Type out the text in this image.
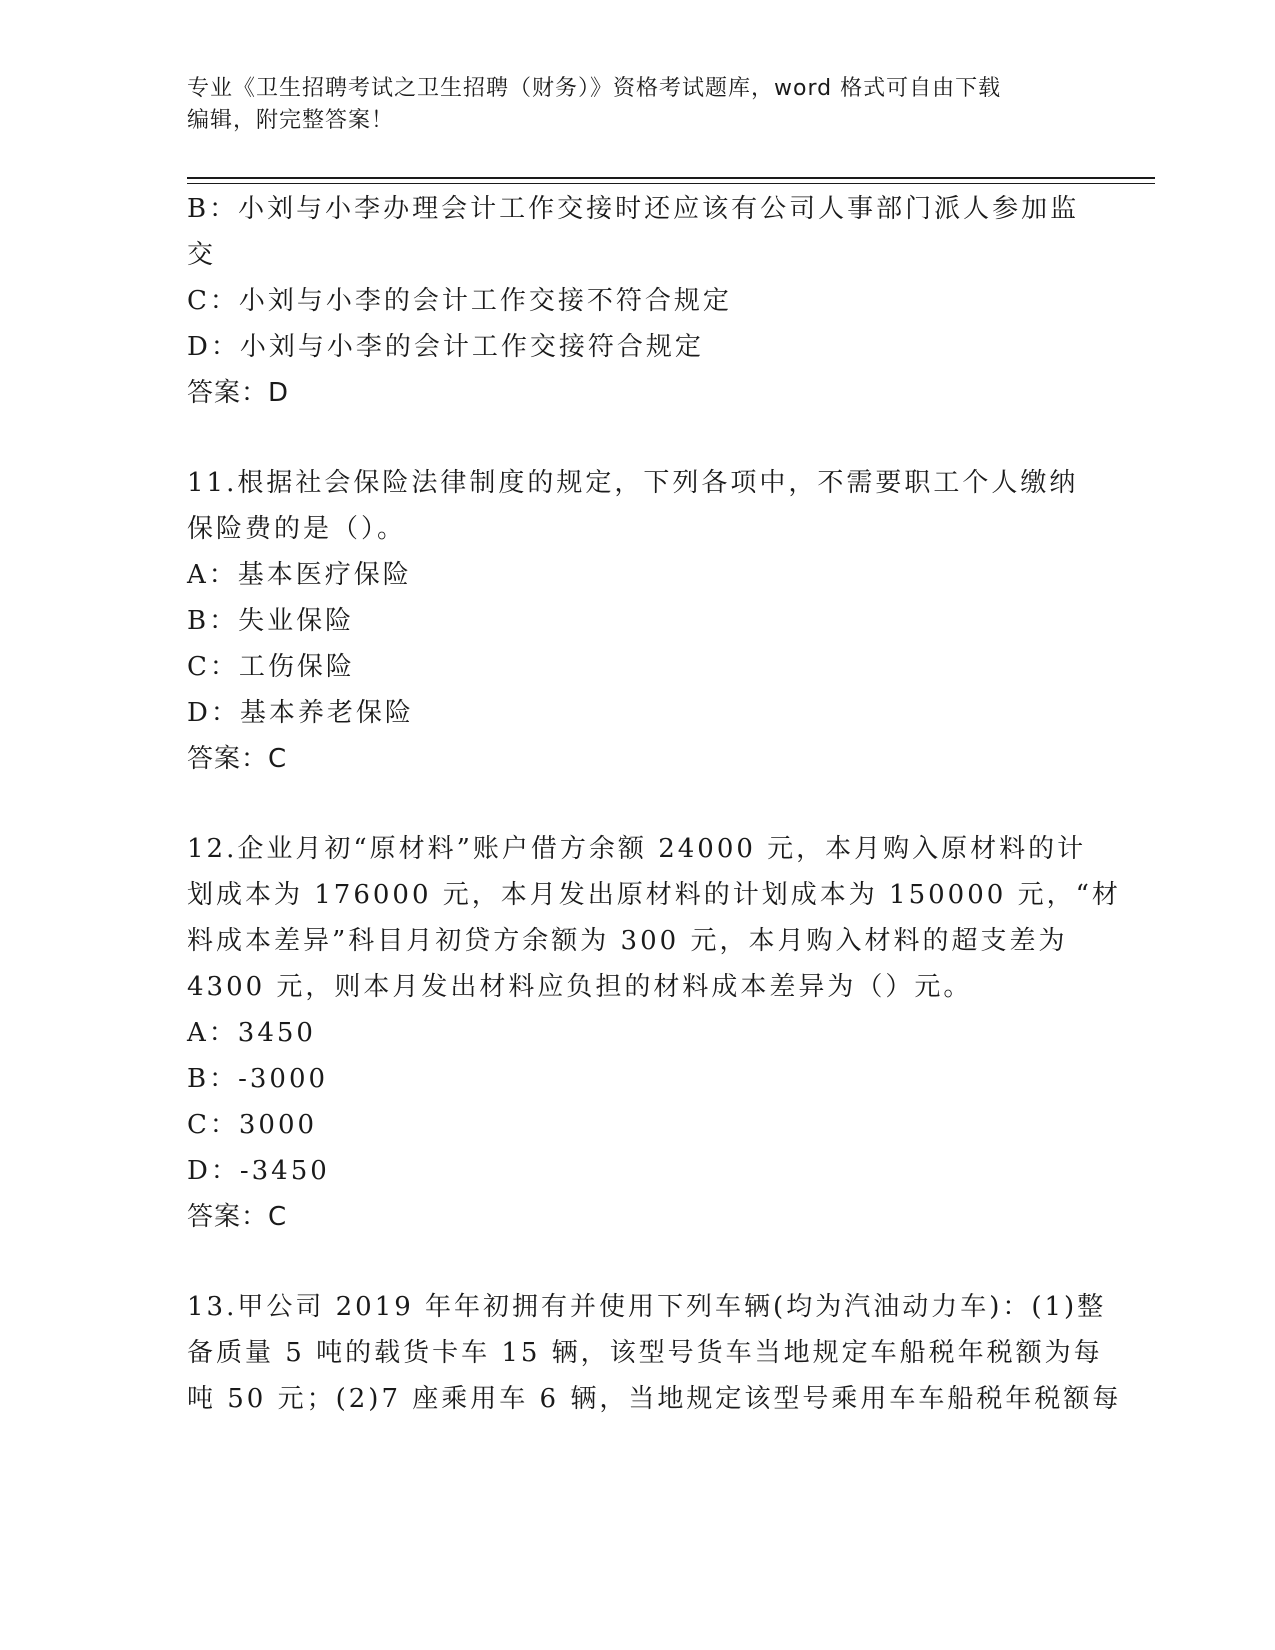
专业《卫生招聘考试之卫生招聘（财务）》资格考试题库，word 格式可自由下载
编辑，附完整答案！
B：小刘与小李办理会计工作交接时还应该有公司人事部门派人参加监
交
C：小刘与小李的会计工作交接不符合规定
D：小刘与小李的会计工作交接符合规定
答案：D
11.根据社会保险法律制度的规定，下列各项中，不需要职工个人缴纳
保险费的是（）。
A：基本医疗保险
B：失业保险
C：工伤保险
D：基本养老保险
答案：C
12.企业月初“原材料”账户借方余额 24000 元，本月购入原材料的计
划成本为 176000 元，本月发出原材料的计划成本为 150000 元，“材
料成本差异”科目月初贷方余额为 300 元，本月购入材料的超支差为
4300 元，则本月发出材料应负担的材料成本差异为（）元。
A：3450
B：-3000
C：3000
D：-3450
答案：C
13.甲公司 2019 年年初拥有并使用下列车辆(均为汽油动力车)：(1)整
备质量 5 吨的载货卡车 15 辆，该型号货车当地规定车船税年税额为每
吨 50 元；(2)7 座乘用车 6 辆，当地规定该型号乘用车车船税年税额每
